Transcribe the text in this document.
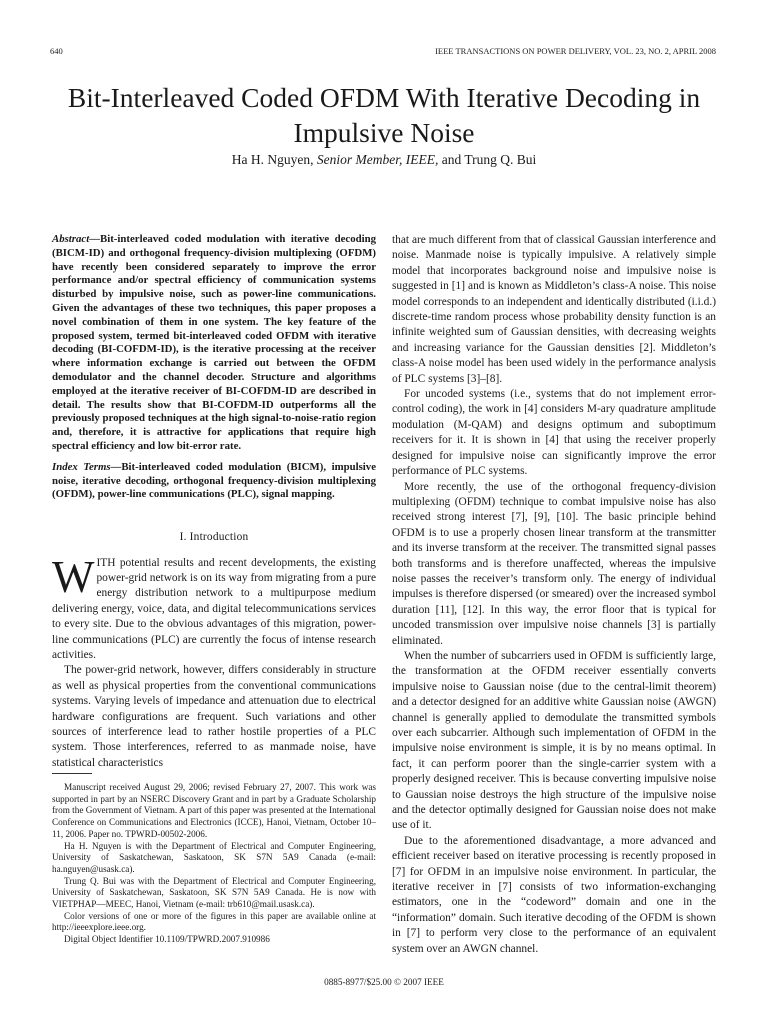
640	IEEE TRANSACTIONS ON POWER DELIVERY, VOL. 23, NO. 2, APRIL 2008
Bit-Interleaved Coded OFDM With Iterative Decoding in Impulsive Noise
Ha H. Nguyen, Senior Member, IEEE, and Trung Q. Bui

Abstract—Bit-interleaved coded modulation with iterative decoding (BICM-ID) and orthogonal frequency-division multiplexing (OFDM) have recently been considered separately to improve the error performance and/or spectral efficiency of communication systems disturbed by impulsive noise, such as power-line communications. Given the advantages of these two techniques, this paper proposes a novel combination of them in one system. The key feature of the proposed system, termed bit-interleaved coded OFDM with iterative decoding (BI-COFDM-ID), is the iterative processing at the receiver where information exchange is carried out between the OFDM demodulator and the channel decoder. Structure and algorithms employed at the iterative receiver of BI-COFDM-ID are described in detail. The results show that BI-COFDM-ID outperforms all the previously proposed techniques at the high signal-to-noise-ratio region and, therefore, it is attractive for applications that require high spectral efficiency and low bit-error rate.

Index Terms—Bit-interleaved coded modulation (BICM), impulsive noise, iterative decoding, orthogonal frequency-division multiplexing (OFDM), power-line communications (PLC), signal mapping.

I. Introduction

WITH potential results and recent developments, the existing power-grid network is on its way from migrating from a pure energy distribution network to a multipurpose medium delivering energy, voice, data, and digital telecommunications services to every site. Due to the obvious advantages of this migration, power-line communications (PLC) are currently the focus of intense research activities.

The power-grid network, however, differs considerably in structure as well as physical properties from the conventional communications systems. Varying levels of impedance and attenuation due to electrical hardware configurations are frequent. Such variations and other sources of interference lead to rather hostile properties of a PLC system. Those interferences, referred to as manmade noise, have statistical characteristics

Manuscript received August 29, 2006; revised February 27, 2007. This work was supported in part by an NSERC Discovery Grant and in part by a Graduate Scholarship from the Government of Vietnam. A part of this paper was presented at the International Conference on Communications and Electronics (ICCE), Hanoi, Vietnam, October 10–11, 2006. Paper no. TPWRD-00502-2006.

Ha H. Nguyen is with the Department of Electrical and Computer Engineering, University of Saskatchewan, Saskatoon, SK S7N 5A9 Canada (e-mail: ha.nguyen@usask.ca).

Trung Q. Bui was with the Department of Electrical and Computer Engineering, University of Saskatchewan, Saskatoon, SK S7N 5A9 Canada. He is now with VIETPHAP—MEEC, Hanoi, Vietnam (e-mail: trb610@mail.usask.ca).

Color versions of one or more of the figures in this paper are available online at http://ieeexplore.ieee.org.

Digital Object Identifier 10.1109/TPWRD.2007.910986

that are much different from that of classical Gaussian interference and noise. Manmade noise is typically impulsive. A relatively simple model that incorporates background noise and impulsive noise is suggested in [1] and is known as Middleton’s class-A noise. This noise model corresponds to an independent and identically distributed (i.i.d.) discrete-time random process whose probability density function is an infinite weighted sum of Gaussian densities, with decreasing weights and increasing variance for the Gaussian densities [2]. Middleton’s class-A noise model has been used widely in the performance analysis of PLC systems [3]–[8].

For uncoded systems (i.e., systems that do not implement error-control coding), the work in [4] considers M-ary quadrature amplitude modulation (M-QAM) and designs optimum and suboptimum receivers for it. It is shown in [4] that using the receiver properly designed for impulsive noise can significantly improve the error performance of PLC systems.

More recently, the use of the orthogonal frequency-division multiplexing (OFDM) technique to combat impulsive noise has also received strong interest [7], [9], [10]. The basic principle behind OFDM is to use a properly chosen linear transform at the transmitter and its inverse transform at the receiver. The transmitted signal passes both transforms and is therefore unaffected, whereas the impulsive noise passes the receiver’s transform only. The energy of individual impulses is therefore dispersed (or smeared) over the increased symbol duration [11], [12]. In this way, the error floor that is typical for uncoded transmission over impulsive noise channels [3] is partially eliminated.

When the number of subcarriers used in OFDM is sufficiently large, the transformation at the OFDM receiver essentially converts impulsive noise to Gaussian noise (due to the central-limit theorem) and a detector designed for an additive white Gaussian noise (AWGN) channel is generally applied to demodulate the transmitted symbols over each subcarrier. Although such implementation of OFDM in the impulsive noise environment is simple, it is by no means optimal. In fact, it can perform poorer than the single-carrier system with a properly designed receiver. This is because converting impulsive noise to Gaussian noise destroys the high structure of the impulsive noise and the detector optimally designed for Gaussian noise does not make use of it.

Due to the aforementioned disadvantage, a more advanced and efficient receiver based on iterative processing is recently proposed in [7] for OFDM in an impulsive noise environment. In particular, the iterative receiver in [7] consists of two information-exchanging estimators, one in the “codeword” domain and one in the “information” domain. Such iterative decoding of the OFDM is shown in [7] to perform very close to the performance of an equivalent system over an AWGN channel.

0885-8977/$25.00 © 2007 IEEE
